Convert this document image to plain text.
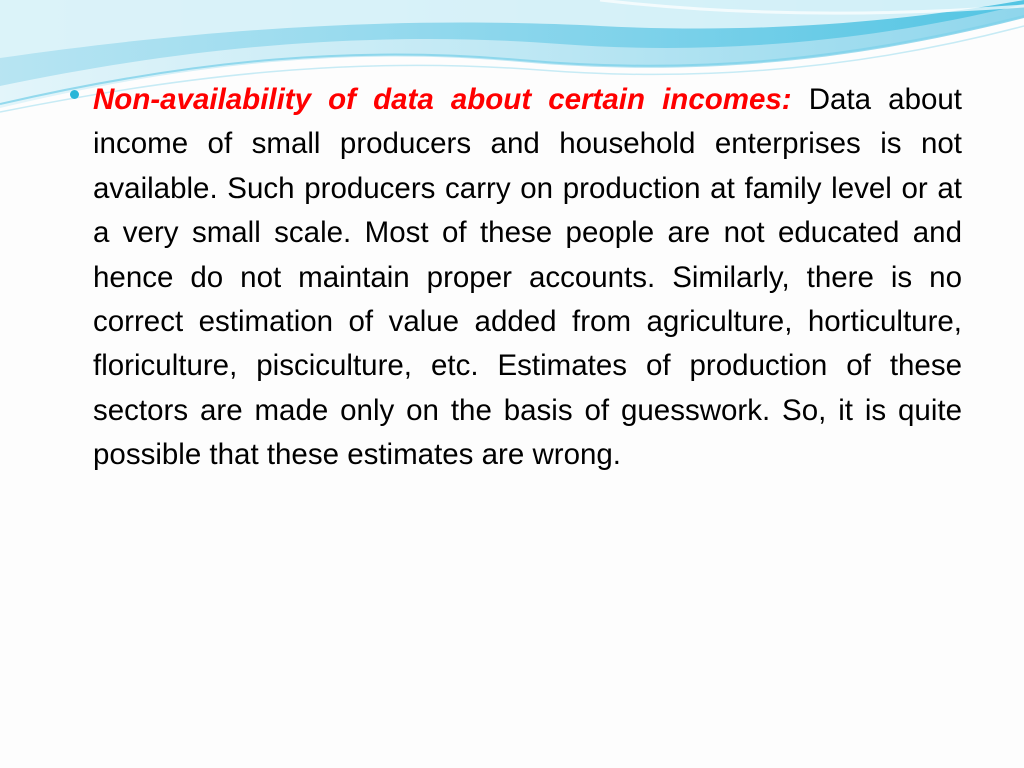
Non-availability of data about certain incomes: Data about income of small producers and household enterprises is not available. Such producers carry on production at family level or at a very small scale. Most of these people are not educated and hence do not maintain proper accounts. Similarly, there is no correct estimation of value added from agriculture, horticulture, floriculture, pisciculture, etc. Estimates of production of these sectors are made only on the basis of guesswork. So, it is quite possible that these estimates are wrong.
